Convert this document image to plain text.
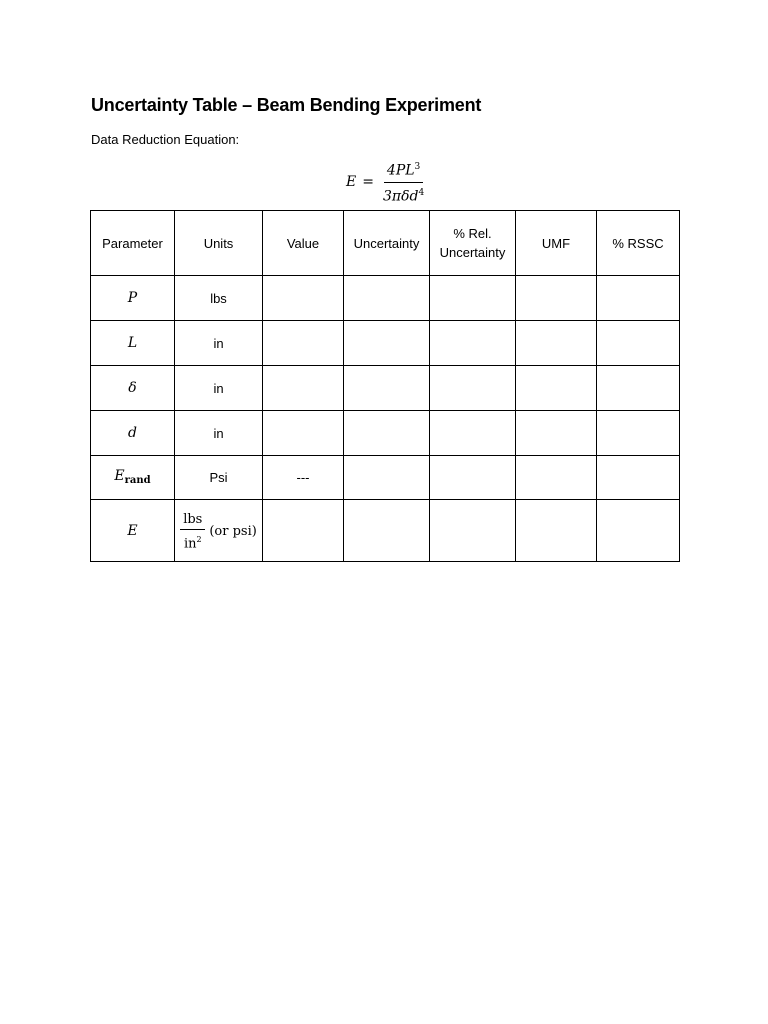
Uncertainty Table – Beam Bending Experiment
Data Reduction Equation:
$E = \frac{4PL^3}{3\pi\delta d^4}$
Parameter	Units	Value	Uncertainty	% Rel. Uncertainty	UMF	% RSSC
P	lbs					
L	in					
δ	in					
d	in					
$E_{rand}$	Psi	---				
E	$\frac{\text{lbs}}{in^2} (or$ psi)					
